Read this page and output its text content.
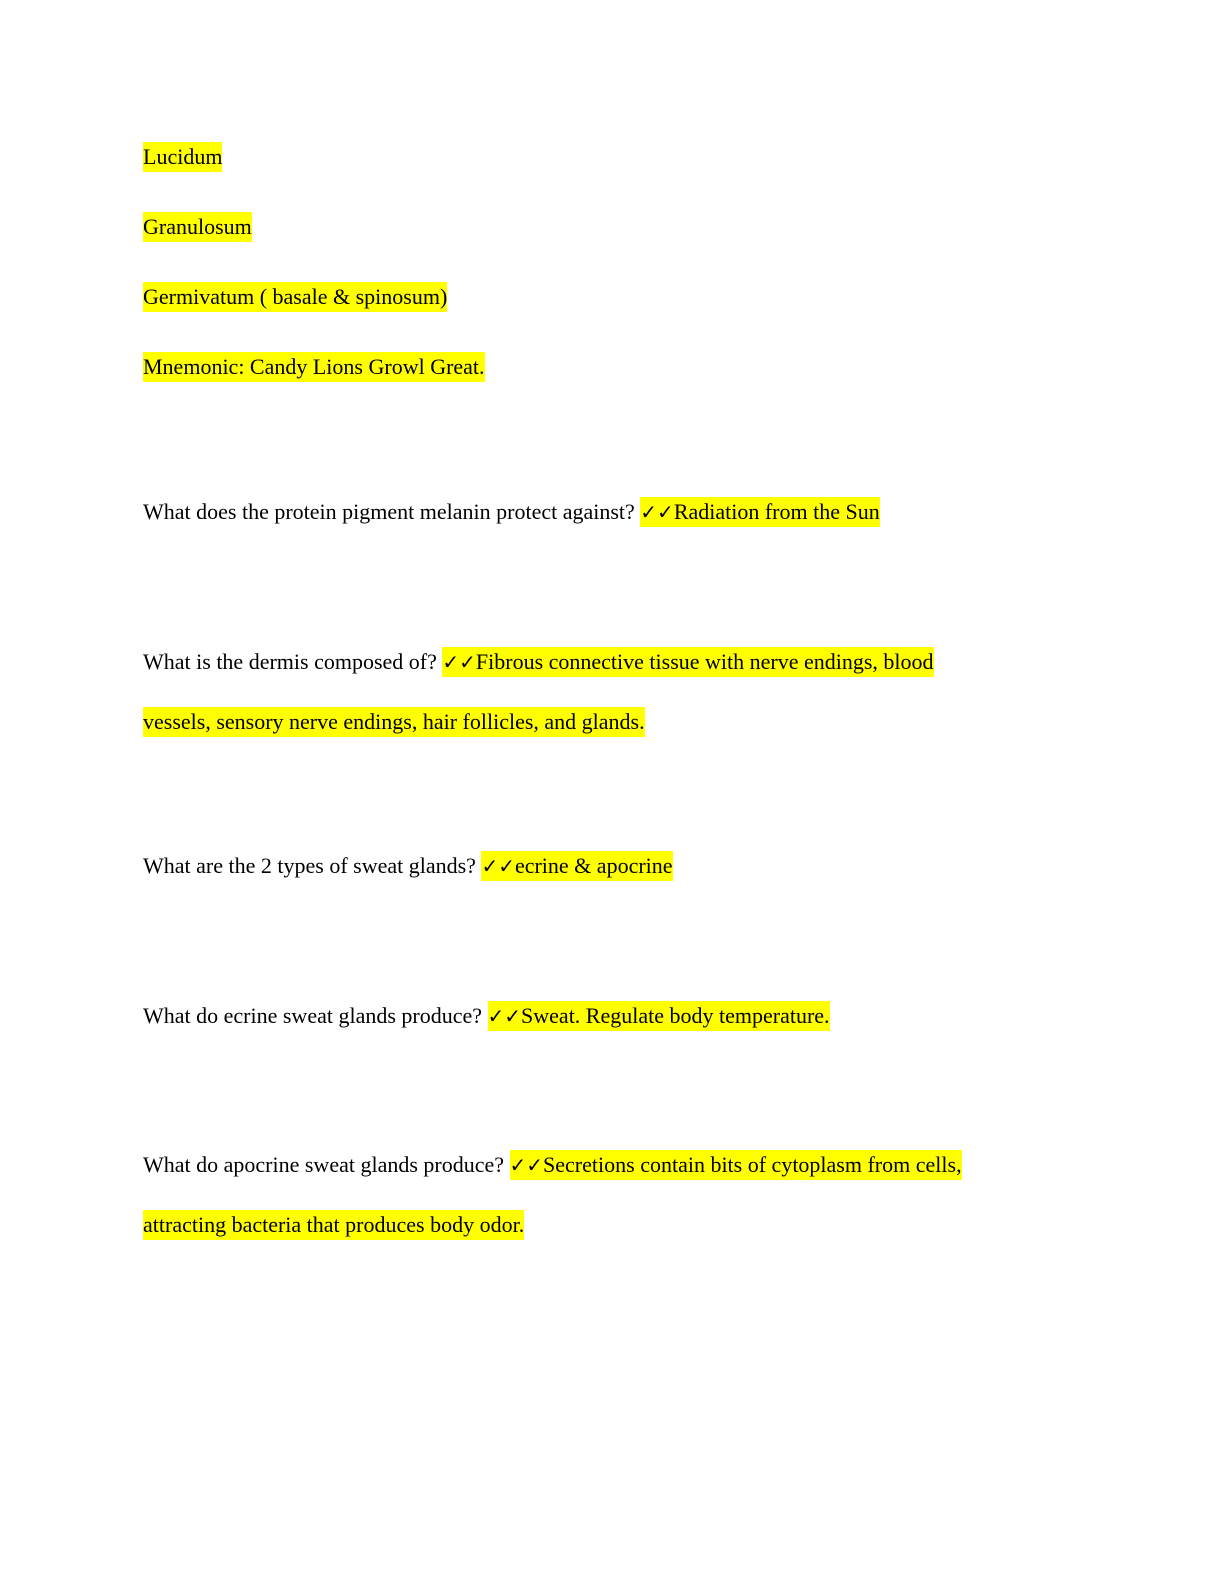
Lucidum
Granulosum
Germivatum ( basale & spinosum)
Mnemonic: Candy Lions Growl Great.
What does the protein pigment melanin protect against? ✓✓Radiation from the Sun
What is the dermis composed of? ✓✓Fibrous connective tissue with nerve endings, blood
vessels, sensory nerve endings, hair follicles, and glands.
What are the 2 types of sweat glands? ✓✓ecrine & apocrine
What do ecrine sweat glands produce? ✓✓Sweat. Regulate body temperature.
What do apocrine sweat glands produce? ✓✓Secretions contain bits of cytoplasm from cells,
attracting bacteria that produces body odor.
